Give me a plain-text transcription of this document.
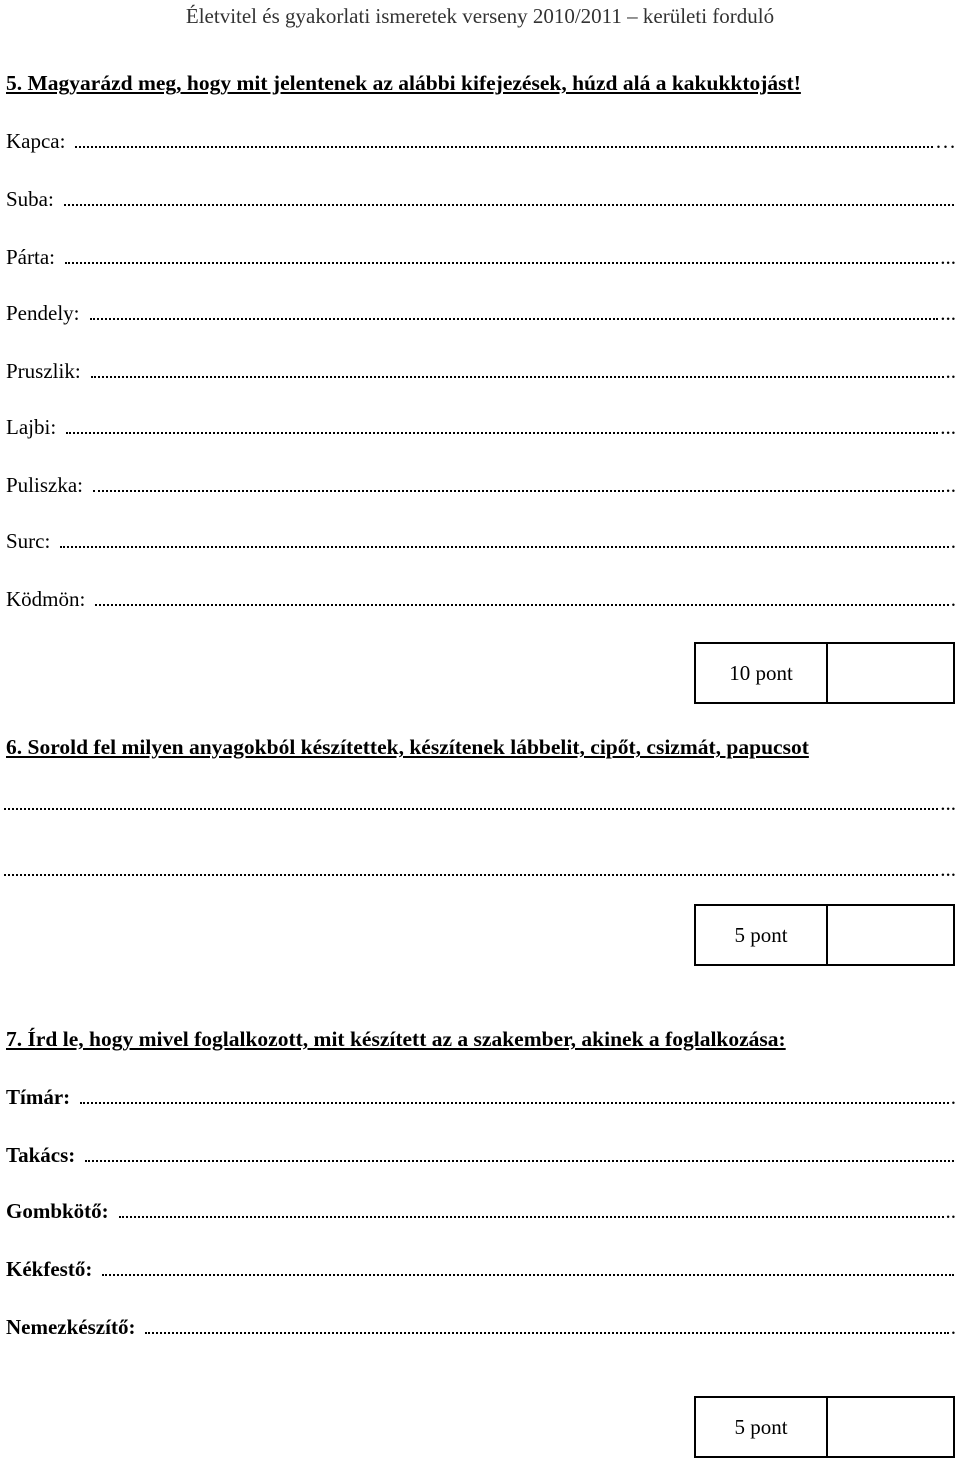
Életvitel és gyakorlati ismeretek verseny 2010/2011 – kerületi forduló
5. Magyarázd meg, hogy mit jelentenek az alábbi kifejezések, húzd alá a kakukktojást!
Kapca:	…
Suba:
Párta:	...
Pendely:	...
Pruszlik:	..
Lajbi:	...
Puliszka:	..
Surc:	.
Ködmön:	.
10 pont
6. Sorold fel milyen anyagokból készítettek, készítenek lábbelit, cipőt, csizmát, papucsot
...
...
5 pont
7. Írd le, hogy mivel foglalkozott, mit készített az a szakember, akinek a foglalkozása:
Tímár:	.
Takács:
Gombkötő:	..
Kékfestő:
Nemezkészítő:	.
5 pont
